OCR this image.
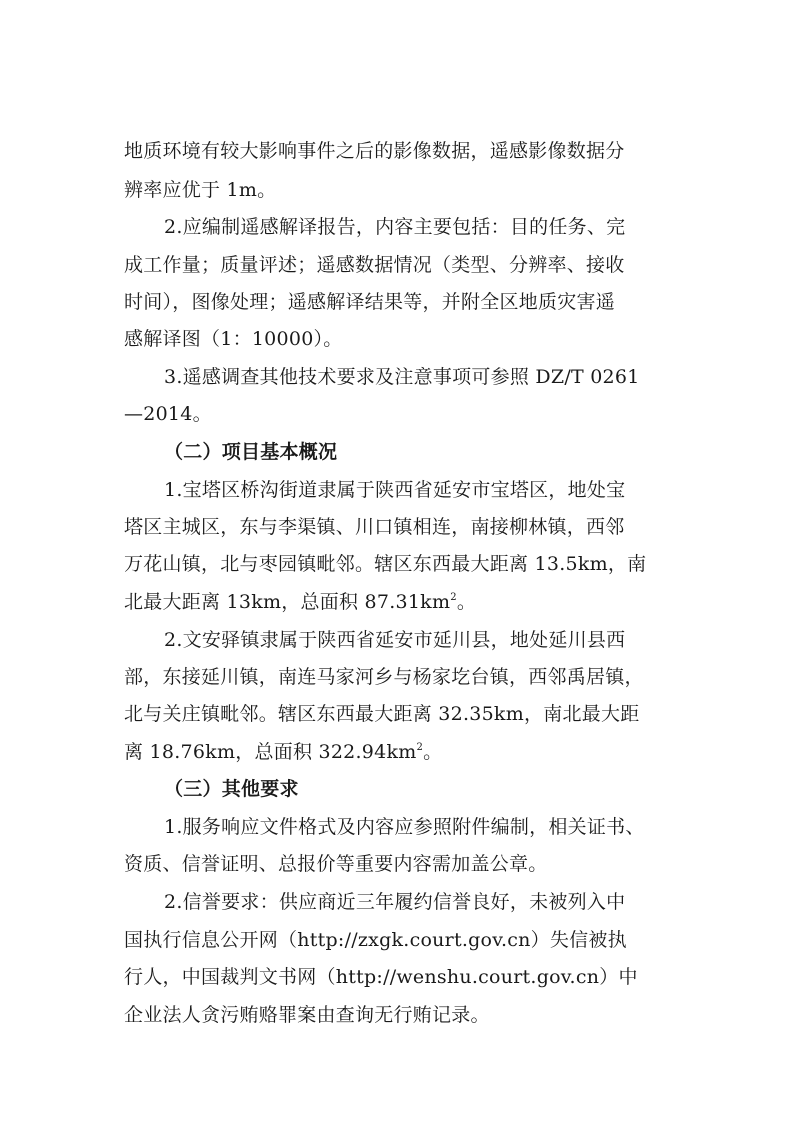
地质环境有较大影响事件之后的影像数据，遥感影像数据分

辨率应优于 1m。

2.应编制遥感解译报告，内容主要包括：目的任务、完

成工作量；质量评述；遥感数据情况（类型、分辨率、接收

时间），图像处理；遥感解译结果等，并附全区地质灾害遥

感解译图（1：10000）。

3.遥感调查其他技术要求及注意事项可参照 DZ/T 0261

—2014。

（二）项目基本概况

1.宝塔区桥沟街道隶属于陕西省延安市宝塔区，地处宝

塔区主城区，东与李渠镇、川口镇相连，南接柳林镇，西邻

万花山镇，北与枣园镇毗邻。辖区东西最大距离 13.5km，南

北最大距离 13km，总面积 $87.31km^2$。

2.文安驿镇隶属于陕西省延安市延川县，地处延川县西

部，东接延川镇，南连马家河乡与杨家圪台镇，西邻禹居镇，

北与关庄镇毗邻。辖区东西最大距离 32.35km，南北最大距

离 18.76km，总面积 $322.94km^2$。

（三）其他要求

1.服务响应文件格式及内容应参照附件编制，相关证书、

资质、信誉证明、总报价等重要内容需加盖公章。

2.信誉要求：供应商近三年履约信誉良好，未被列入中

国执行信息公开网（http://zxgk.court.gov.cn）失信被执

行人，中国裁判文书网（http://wenshu.court.gov.cn）中

企业法人贪污贿赂罪案由查询无行贿记录。
